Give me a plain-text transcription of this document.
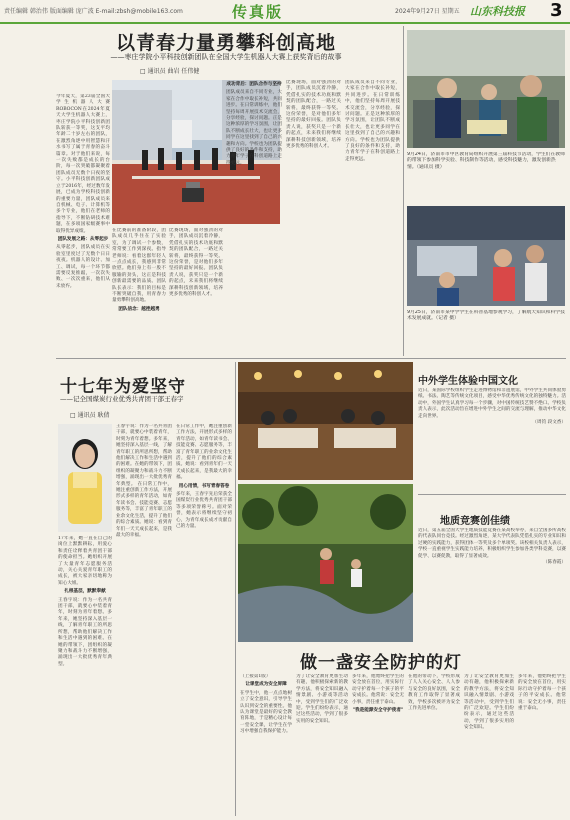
责任编辑 韩治伟 版面编辑 庞广波 E-mail:zbsh@mobile163.com	传真版	2024年9月27日 星期五 山东科技报 3
以青春力量勇攀科创高地
——枣庄学院小平科技创新团队在全国大学生机器人大赛上获奖背后的故事
□ 通讯员 曲岩 任伟健
今年夏天，第23届全国大学生机器人大赛ROBOCON在2024年夏天大学生机器人大赛上，枣庄学院小平科技创新团队斩获一等奖，这支平均年龄二十岁左右的团队，在激烈角逐中用智慧和汗水书写了属于青春的奋斗篇章。对于他们来说，每一次失败都是成长的台阶，每一次突破都凝聚着团队成员无数个日夜的坚守。小平科技创新团队成立于2016年，经过数年发展，已成为学校科技创新的重要力量，团队成员来自机械、电子、计算机等多个专业，他们在老师的指导下，不断钻研技术难题，在多项国家级赛事中取得优异成绩。
团队发展之路：从零起步
从零起步，团队成员在实验室里度过了无数个日日夜夜。机器人的设计、加工、调试，每一个环节都需要反复推敲，一次次失败、一次次重来，他们从未放弃。
在比赛前的准备阶段，团队成员几乎住在了实验室，为了调试一个参数，常常要工作到深夜。指导老师说：看着这群年轻人一点点成长，我感到非常欣慰。他们身上有一股不服输的劲头，这正是科技创新最需要的品质。团队队长表示：我们的目标是不断突破自我，用青春力量勇攀科创高地。
团队信念：越挫越勇
比赛现场，面对强劲的对手，团队成员沉着冷静，凭借扎实的技术功底和默契的团队配合，一路过关斩将，最终获得一等奖。这份荣誉，是对他们多年坚持的最好回报。团队负责人说，获奖只是一个新的起点，未来我们将继续深耕科技创新领域，培养更多优秀的科创人才。
成功背后：团队合作与坚持
团队成员来自不同专业，大家在合作中取长补短，共同进步。在日常训练中，他们坚持每周开展技术交流会，分享经验，探讨问题。正是这种浓厚的学习氛围，让团队不断成长壮大，也让更多同学在这里找到了自己的兴趣和方向。学校也为团队提供了良好的条件和支持，助力青年学子在科创道路上走得更远。
比赛现场，面对强劲的对手，团队成员沉着冷静，凭借扎实的技术功底和默契的团队配合，一路过关斩将，最终获得一等奖。这份荣誉，是对他们多年坚持的最好回报。团队负责人说，获奖只是一个新的起点，未来我们将继续深耕科技创新领域，培养更多优秀的科创人才。
团队成员来自不同专业，大家在合作中取长补短，共同进步。在日常训练中，他们坚持每周开展技术交流会，分享经验，探讨问题。正是这种浓厚的学习氛围，让团队不断成长壮大，也让更多同学在这里找到了自己的兴趣和方向。学校也为团队提供了良好的条件和支持，助力青年学子在科创道路上走得更远。
9月24日，济南市市中区教育局组织开展第三届科技节活动，学生们在教师的带领下参加科学实验、科技制作等活动，感受科技魅力，激发创新热情。（通讯员 摄）
9月25日，济南市某中学学生在科普基地参观学习，了解航天知识和科学技术发展成就。（记者 摄）
十七年为爱坚守
——记全国煤炭行业优秀共青团干部王春宇
□ 通讯员 耿倩
17年来，她一直在自己的岗位上默默耕耘，用爱心和责任诠释着共青团干部的使命担当。她组织开展了大量青年志愿服务活动，关心关爱青年职工的成长，被大家亲切地称为知心大姐。
扎根基层，默默奉献
王春宇说：作为一名共青团干部，就要心中装着青年，时刻为青年着想。多年来，她坚持深入基层一线，了解青年职工的所思所想，帮助他们解决工作和生活中遇到的困难。在她的带领下，团组织的凝聚力和战斗力不断增强，涌现出一大批优秀青年典型。
王春宇说：作为一名共青团干部，就要心中装着青年，时刻为青年着想。多年来，她坚持深入基层一线，了解青年职工的所思所想，帮助他们解决工作和生活中遇到的困难。在她的带领下，团组织的凝聚力和战斗力不断增强，涌现出一大批优秀青年典型。 在日常工作中，她注重创新工作方法，开展形式多样的青年活动，如青年读书会、技能竞赛、志愿服务等，丰富了青年职工的业余文化生活，提升了他们的综合素质。她说：看到青年们一天天成长起来，是我最大的幸福。
在日常工作中，她注重创新工作方法，开展形式多样的青年活动，如青年读书会、技能竞赛、志愿服务等，丰富了青年职工的业余文化生活，提升了他们的综合素质。她说：看到青年们一天天成长起来，是我最大的幸福。
用心用情，书写青春答卷
多年来，王春宇先后荣获全国煤炭行业优秀共青团干部等多项荣誉称号。面对荣誉，她表示将继续坚守初心，为青年成长成才贡献自己的力量。
中外学生体验中国文化
近日，某国际学校组织学生走进博物馆和非遗展馆，中外学生共同体验剪纸、书法、陶艺等传统文化项目，感受中华优秀传统文化的独特魅力。活动中，外国学生认真学习每一个步骤，对中国传统技艺赞不绝口。学校负责人表示，此次活动旨在增进中外学生之间的交流与理解，推动中华文化走向世界。
（周钧 段文香）
地质竞赛创佳绩
近日，第五届全国大学生地质技能竞赛在某高校举办，来自全国多所高校的代表队同台竞技。经过激烈角逐，某大学代表队凭借扎实的专业知识和过硬的实践能力，获得团体一等奖及多个单项奖。该校相关负责人表示，学校一直重视学生实践能力培养，积极组织学生参加各类学科竞赛，以赛促学、以赛促教，取得了显著成效。
（陈春霞）
做一盏安全防护的灯
（上接第1版）
让课堂成为安全屏障
在学生中，他一点点地树立了安全意识，引导学生认识到安全的重要性。他认为课堂是最好的安全教育阵地，于是精心设计每一堂安全课，让学生在学习中增强自我保护能力。
为了让安全教育更加生动有趣，他积极探索新的教学方法，将安全知识融入情景剧、小游戏等活动中，受到学生们的广泛欢迎。学生们纷纷表示，通过这些活动，学到了很多实用的安全知识。
多年来，他始终把学生的安全放在首位，用实际行动守护着每一个孩子的平安成长。他常说：安全无小事，责任重于泰山。
"我是能源安全守护使者"
在他的带动下，学校形成了人人关心安全、人人参与安全的良好氛围，安全教育工作取得了显著成效，学校多次被评为安全工作先进单位。
为了让安全教育更加生动有趣，他积极探索新的教学方法，将安全知识融入情景剧、小游戏等活动中，受到学生们的广泛欢迎。学生们纷纷表示，通过这些活动，学到了很多实用的安全知识。
多年来，他始终把学生的安全放在首位，用实际行动守护着每一个孩子的平安成长。他常说：安全无小事，责任重于泰山。
